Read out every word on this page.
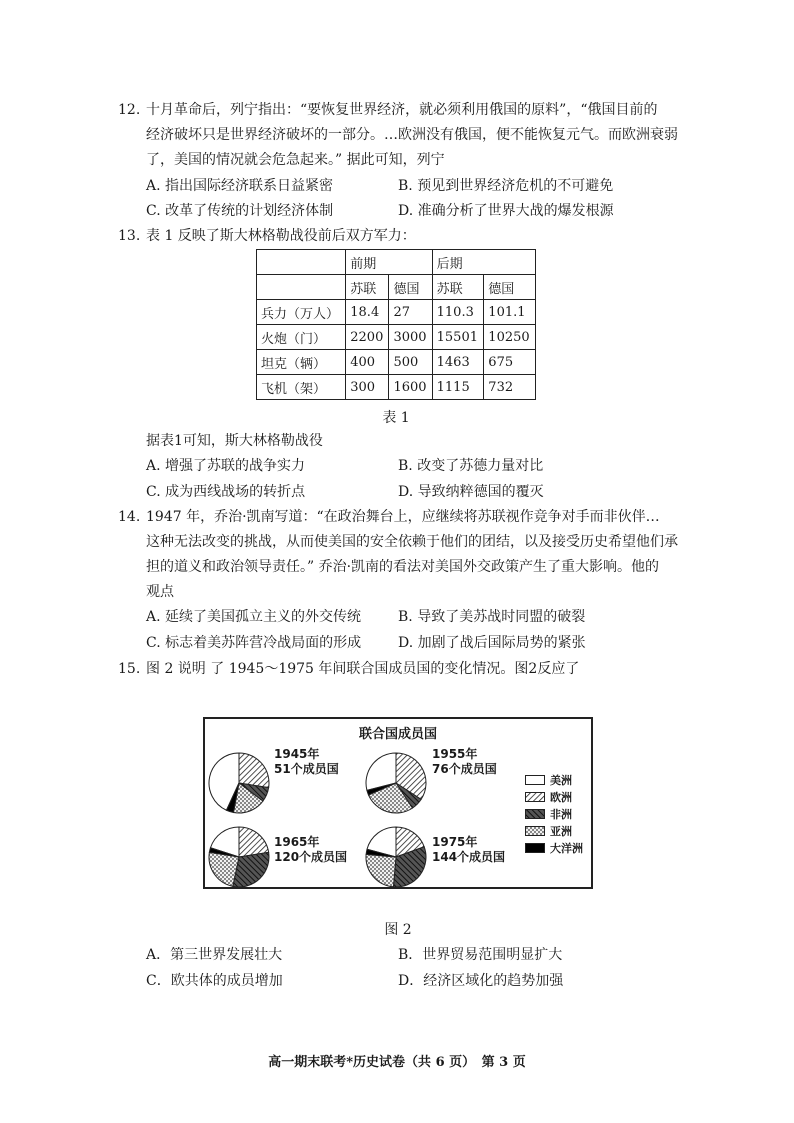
12. 十月革命后，列宁指出：“要恢复世界经济，就必须利用俄国的原料”，“俄国目前的
经济破坏只是世界经济破坏的一部分。…欧洲没有俄国，便不能恢复元气。而欧洲衰弱
了，美国的情况就会危急起来。” 据此可知，列宁
A. 指出国际经济联系日益紧密	B. 预见到世界经济危机的不可避免
C. 改革了传统的计划经济体制	D. 准确分析了世界大战的爆发根源
13. 表 1 反映了斯大林格勒战役前后双方军力：
	前期		后期	
	苏联	德国	苏联	德国
兵力（万人）	18.4	27	110.3	101.1
火炮（门）	2200	3000	15501	10250
坦克（辆）	400	500	1463	675
飞机（架）	300	1600	1115	732
表 1
据表1可知，斯大林格勒战役
A. 增强了苏联的战争实力	B. 改变了苏德力量对比
C. 成为西线战场的转折点	D. 导致纳粹德国的覆灭
14. 1947 年，乔治·凯南写道：“在政治舞台上，应继续将苏联视作竞争对手而非伙伴…
这种无法改变的挑战，从而使美国的安全依赖于他们的团结，以及接受历史希望他们承
担的道义和政治领导责任。” 乔治·凯南的看法对美国外交政策产生了重大影响。他的
观点
A. 延续了美国孤立主义的外交传统	B. 导致了美苏战时同盟的破裂
C. 标志着美苏阵营冷战局面的形成	D. 加剧了战后国际局势的紧张
15. 图 2 说明 了 1945～1975 年间联合国成员国的变化情况。图2反应了
联合国成员国
1945年
51个成员国
1955年
76个成员国
1965年
120个成员国
1975年
144个成员国
美洲
欧洲
非洲
亚洲
大洋洲
图 2
A．第三世界发展壮大	B．世界贸易范围明显扩大
C．欧共体的成员增加	D．经济区域化的趋势加强
高一期末联考*历史试卷（共 6 页）　第 3 页
